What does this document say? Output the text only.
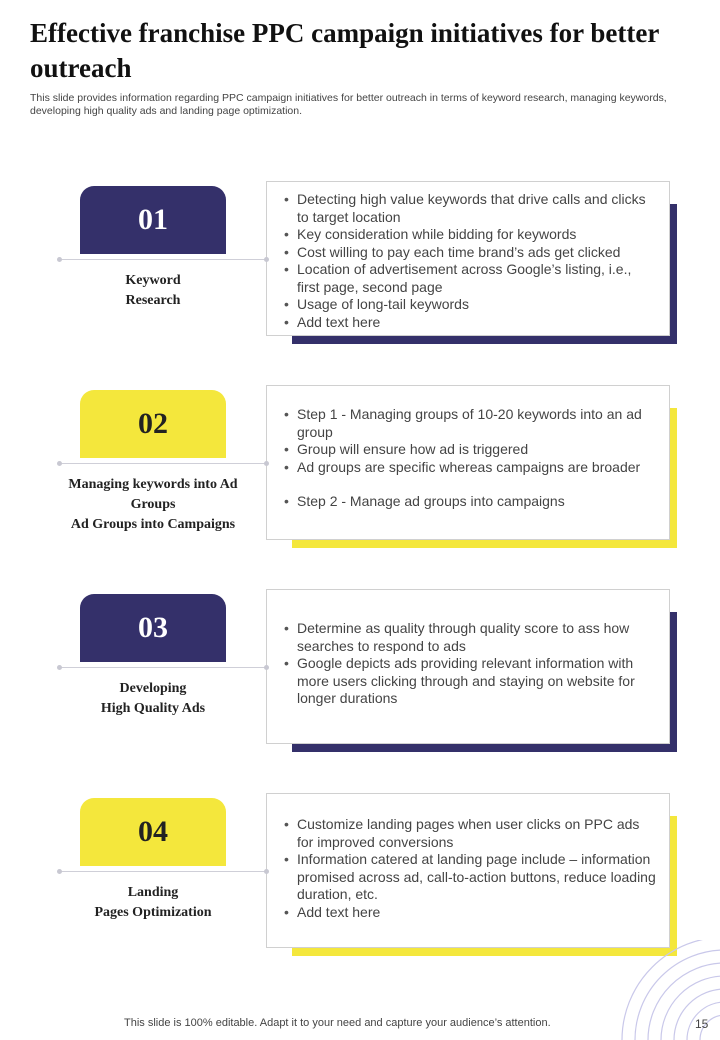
Effective franchise PPC campaign initiatives for better outreach

This slide provides information regarding PPC campaign initiatives for better outreach in terms of keyword research, managing keywords, developing high quality ads and landing page optimization.

• Detecting high value keywords that drive calls and clicks to target location
• Key consideration while bidding for keywords
• Cost willing to pay each time brand’s ads get clicked
• Location of advertisement across Google’s listing, i.e., first page, second page
• Usage of long-tail keywords
• Add text here
01
Keyword
Research
• Step 1 - Managing groups of 10-20 keywords into an ad group
• Group will ensure how ad is triggered
• Ad groups are specific whereas campaigns are broader
• Step 2 - Manage ad groups into campaigns
02
Managing keywords into Ad
Groups
Ad Groups into Campaigns
• Determine as quality through quality score to ass how searches to respond to ads
• Google depicts ads providing relevant information with more users clicking through and staying on website for longer durations
03
Developing
High Quality Ads
• Customize landing pages when user clicks on PPC ads for improved conversions
• Information catered at landing page include – information promised across ad, call-to-action buttons, reduce loading duration, etc.
• Add text here
04
Landing
Pages Optimization
This slide is 100% editable. Adapt it to your need and capture your audience’s attention.	15
